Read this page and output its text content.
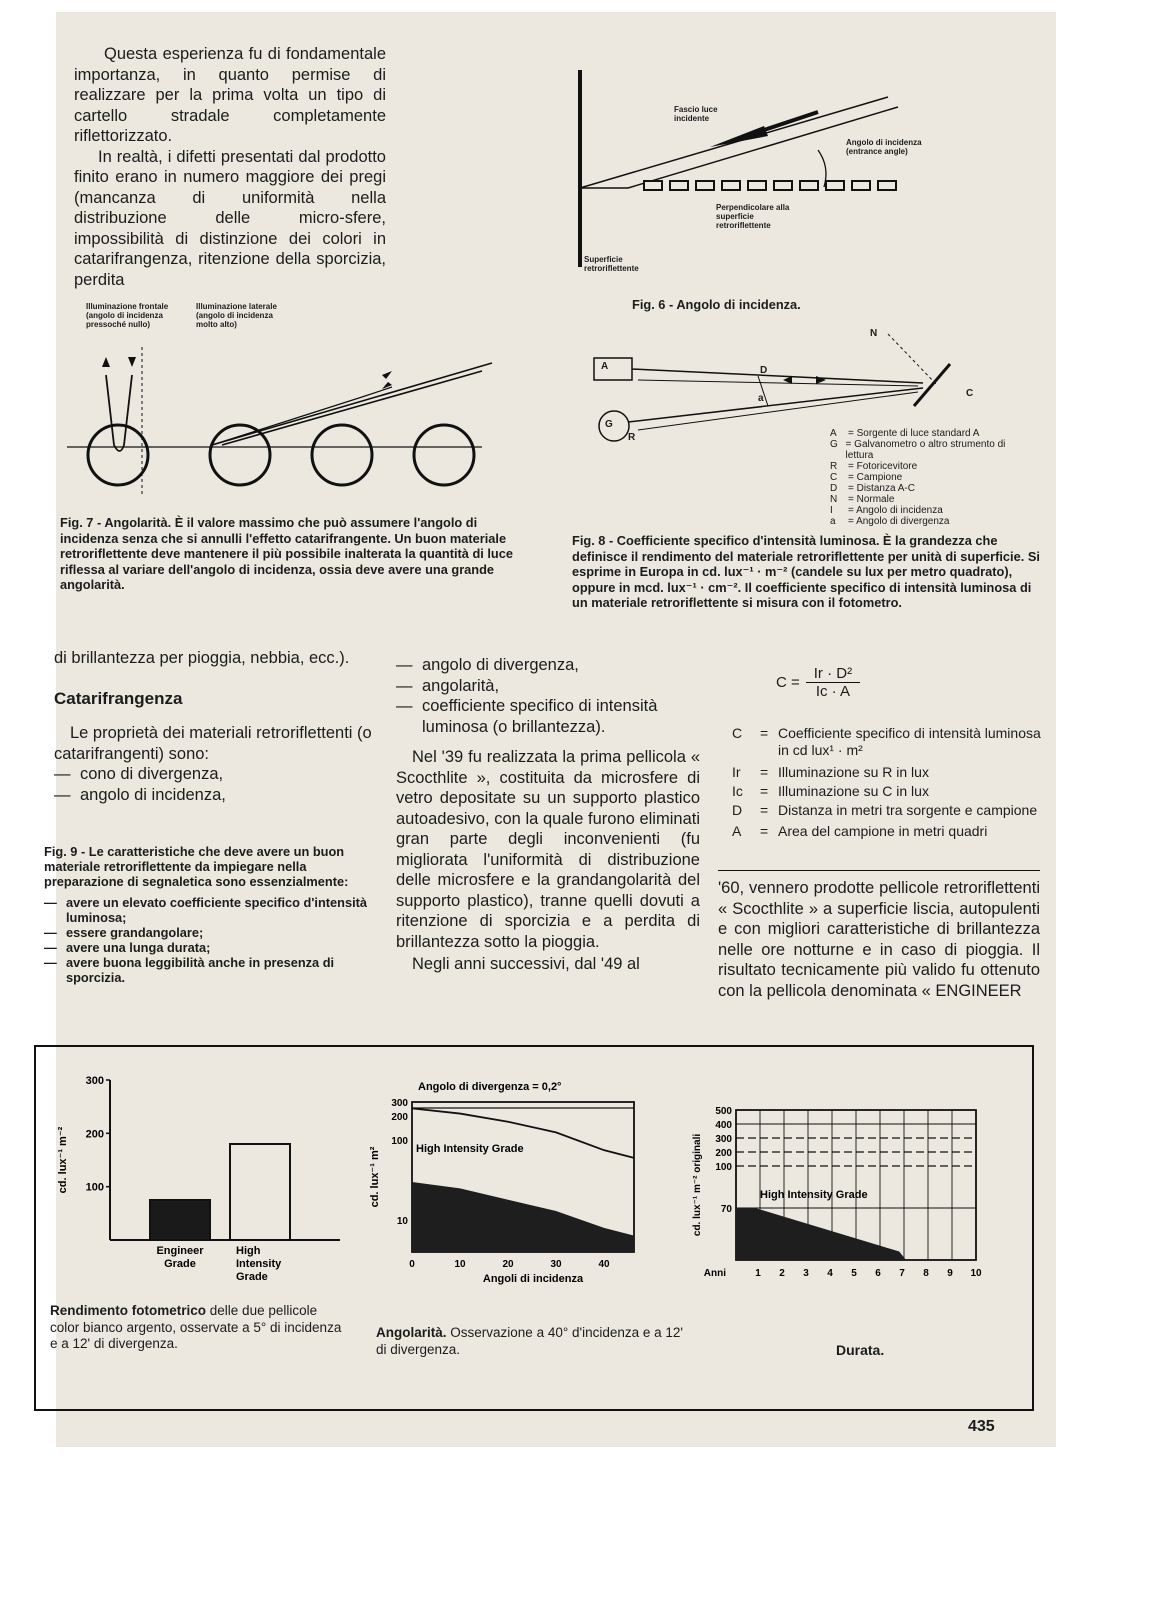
Questa esperienza fu di fondamentale importanza, in quanto permise di realizzare per la prima volta un tipo di cartello stradale completamente riflettorizzato.

In realtà, i difetti presentati dal prodotto finito erano in numero maggiore dei pregi (mancanza di uniformità nella distribuzione delle micro-sfere, impossibilità di distinzione dei colori in catarifrangenza, ritenzione della sporcizia, perdita

Fascio luce incidente
Angolo di incidenza (entrance angle)
Perpendicolare alla superficie retroriflettente
Superficie retroriflettente
Fig. 6 - Angolo di incidenza.
Illuminazione frontale (angolo di incidenza pressoché nullo)
Illuminazione laterale (angolo di incidenza molto alto)
Fig. 7 - Angolarità. È il valore massimo che può assumere l'angolo di incidenza senza che si annulli l'effetto catarifrangente. Un buon materiale retroriflettente deve mantenere il più possibile inalterata la quantità di luce riflessa al variare dell'angolo di incidenza, ossia deve avere una grande angolarità.
A
G
R
D
a	C
N
A	= Sorgente di luce standard A
G = Galvanometro o altro strumento di lettura
R	= Fotoricevitore
C	= Campione
D	= Distanza A-C
N	= Normale
I	= Angolo di incidenza
a	= Angolo di divergenza
Fig. 8 - Coefficiente specifico d'intensità luminosa. È la grandezza che definisce il rendimento del materiale retroriflettente per unità di superficie. Si esprime in Europa in cd. lux⁻¹ · m⁻² (candele su lux per metro quadrato), oppure in mcd. lux⁻¹ · cm⁻². Il coefficiente specifico di intensità luminosa di un materiale retroriflettente si misura con il fotometro.

di brillantezza per pioggia, nebbia, ecc.).

Catarifrangenza

Le proprietà dei materiali retroriflettenti (o catarifrangenti) sono:

— cono di divergenza,
— angolo di incidenza,

Fig. 9 - Le caratteristiche che deve avere un buon materiale retroriflettente da impiegare nella preparazione di segnaletica sono essenzialmente:

— avere un elevato coefficiente specifico d'intensità luminosa;
— essere grandangolare;
— avere una lunga durata;
— avere buona leggibilità anche in presenza di sporcizia.
— angolo di divergenza,
— angolarità,
— coefficiente specifico di intensità luminosa (o brillantezza).

Nel '39 fu realizzata la prima pellicola « Scocthlite », costituita da microsfere di vetro depositate su un supporto plastico autoadesivo, con la quale furono eliminati gran parte degli inconvenienti (fu migliorata l'uniformità di distribuzione delle microsfere e la grandangolarità del supporto plastico), tranne quelli dovuti a ritenzione di sporcizia e a perdita di brillantezza sotto la pioggia.

Negli anni successivi, dal '49 al

$C = \frac{\text{Ir · D²}}{Ic \cdot A}$
C	= Coefficiente specifico di intensità luminosa in cd lux¹ · m²
Ir	= Illuminazione su R in lux
Ic	= Illuminazione su C in lux
D	= Distanza in metri tra sorgente e campione
A	= Area del campione in metri quadri

'60, vennero prodotte pellicole retroriflettenti « Scocthlite » a superficie liscia, autopulenti e con migliori caratteristiche di brillantezza nelle ore notturne e in caso di pioggia. Il risultato tecnicamente più valido fu ottenuto con la pellicola denominata « ENGINEER

300
200
100
cd. lux⁻¹ m⁻²
Engineer
Grade
High
Intensity
Grade
Rendimento fotometrico delle due pellicole color bianco argento, osservate a 5° di incidenza e a 12' di divergenza.
Angolo di divergenza = 0,2°
300
200
100
10
0	10	20	30	40
Angoli di incidenza
cd. lux⁻¹ m²	High Intensity Grade
Angolarità. Osservazione a 40° d'incidenza e a 12' di divergenza.
500
400
300
200
100
70
High Intensity Grade
Anni	1 2 3 4 5 6 7 8 9 10
cd. lux⁻¹ m⁻² originali
Durata.
435
